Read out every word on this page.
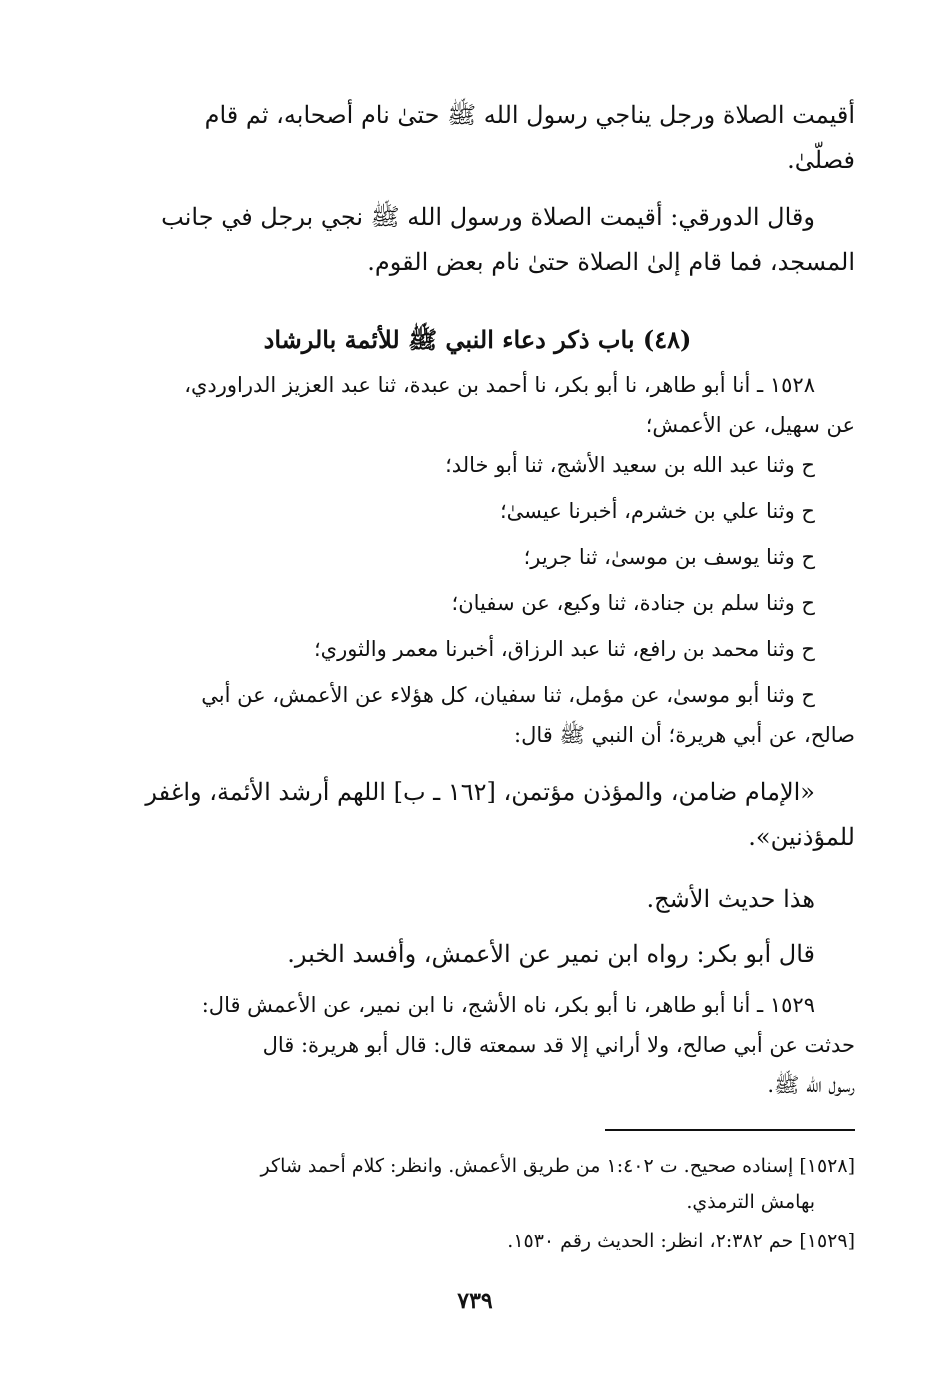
أقيمت الصلاة ورجل يناجي رسول الله ﷺ حتىٰ نام أصحابه، ثم قام
فصلّىٰ.
وقال الدورقي: أقيمت الصلاة ورسول الله ﷺ نجي برجل في جانب
المسجد، فما قام إلىٰ الصلاة حتىٰ نام بعض القوم.
(٤٨) باب ذكر دعاء النبي ﷺ للأئمة بالرشاد
١٥٢٨ ـ أنا أبو طاهر، نا أبو بكر، نا أحمد بن عبدة، ثنا عبد العزيز الدراوردي،
عن سهيل، عن الأعمش؛
ح وثنا عبد الله بن سعيد الأشج، ثنا أبو خالد؛
ح وثنا علي بن خشرم، أخبرنا عيسىٰ؛
ح وثنا يوسف بن موسىٰ، ثنا جرير؛
ح وثنا سلم بن جنادة، ثنا وكيع، عن سفيان؛
ح وثنا محمد بن رافع، ثنا عبد الرزاق، أخبرنا معمر والثوري؛
ح وثنا أبو موسىٰ، عن مؤمل، ثنا سفيان، كل هؤلاء عن الأعمش، عن أبي
صالح، عن أبي هريرة؛ أن النبي ﷺ قال:
«الإمام ضامن، والمؤذن مؤتمن، [١٦٢ ـ ب] اللهم أرشد الأئمة، واغفر
للمؤذنين».
هذا حديث الأشج.
قال أبو بكر: رواه ابن نمير عن الأعمش، وأفسد الخبر.
١٥٢٩ ـ أنا أبو طاهر، نا أبو بكر، ناه الأشج، نا ابن نمير، عن الأعمش قال:
حدثت عن أبي صالح، ولا أراني إلا قد سمعته قال: قال أبو هريرة: قال
رسول الله ﷺ.
[١٥٢٨] إسناده صحيح. ت ١:٤٠٢ من طريق الأعمش. وانظر: كلام أحمد شاكر
بهامش الترمذي.
[١٥٢٩] حم ٢:٣٨٢، انظر: الحديث رقم ١٥٣٠.
٧٣٩
